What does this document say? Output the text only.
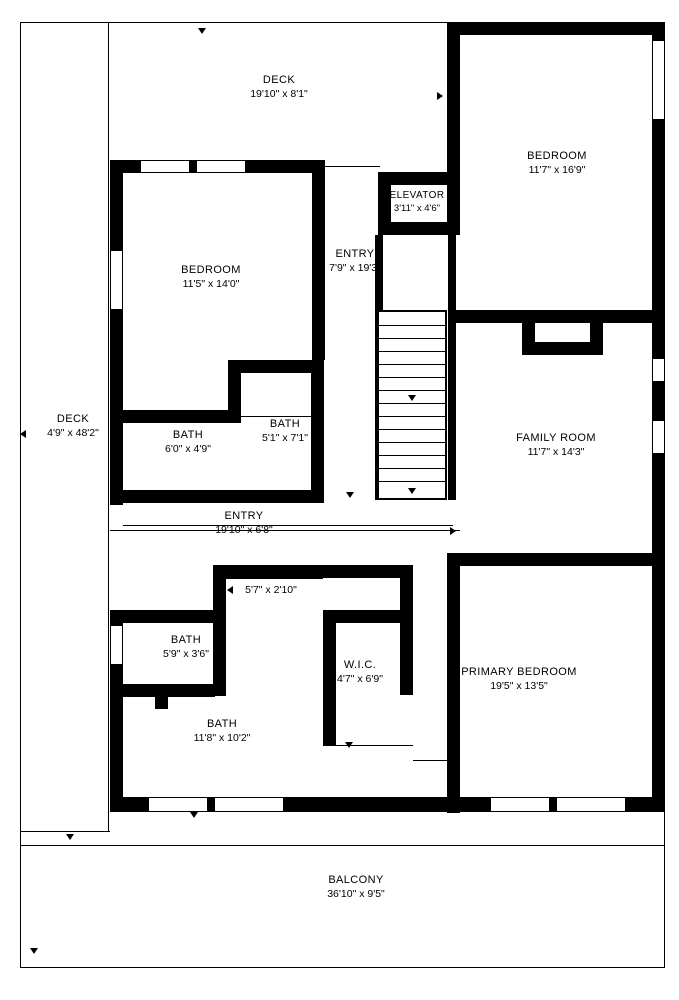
DECK
19'10" x 8'1"
BEDROOM
11'7" x 16'9"
ELEVATOR
3'11" x 4'6"
ENTRY
7'9" x 19'3"
BEDROOM
11'5" x 14'0"
DECK
4'9" x 48'2"
BATH
5'1" x 7'1"
BATH
6'0" x 4'9"
FAMILY ROOM
11'7" x 14'3"
ENTRY
19'10" x 6'8"
LAUNDRY
5'7" x 2'10"
BATH
5'9" x 3'6"
W.I.C.
4'7" x 6'9"
PRIMARY BEDROOM
19'5" x 13'5"
BATH
11'8" x 10'2"
BALCONY
36'10" x 9'5"
